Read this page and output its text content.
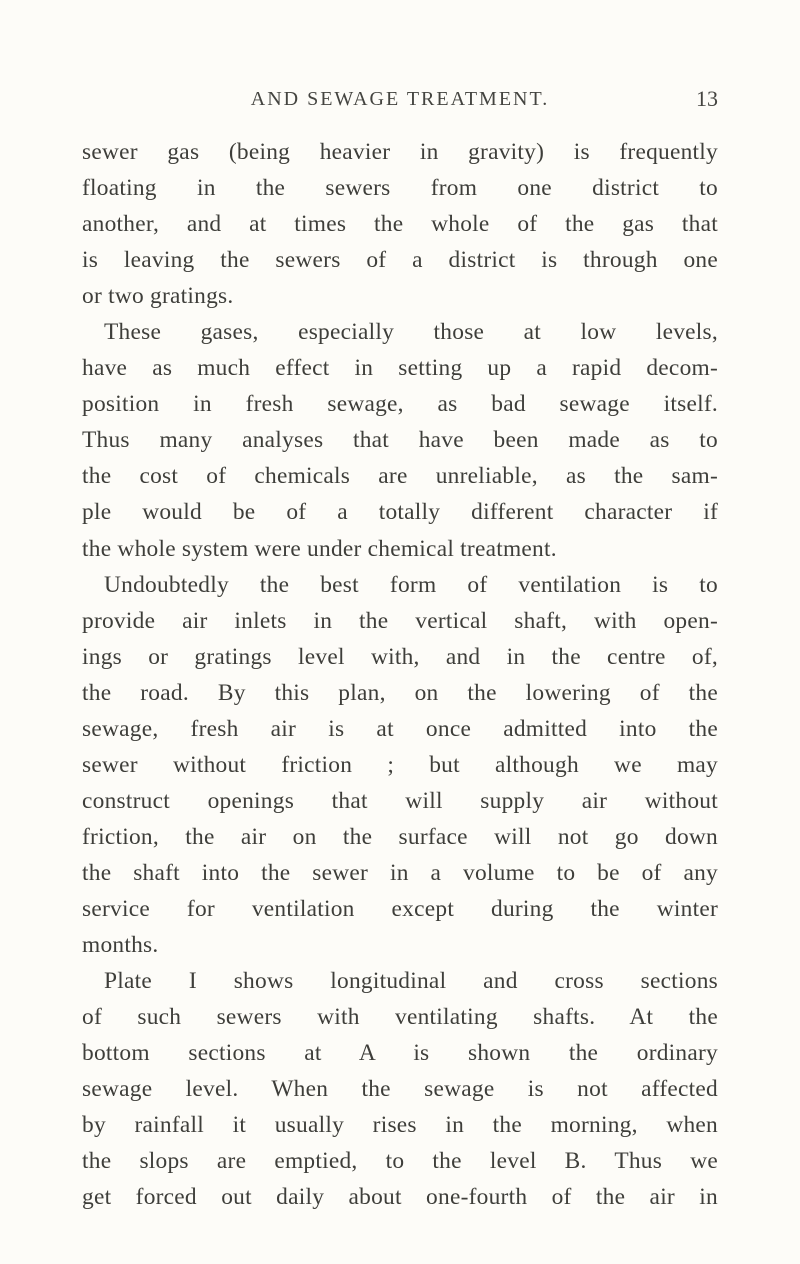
AND SEWAGE TREATMENT.	13
sewer gas (being heavier in gravity) is frequently
floating in the sewers from one district to
another, and at times the whole of the gas that
is leaving the sewers of a district is through one
or two gratings.
These gases, especially those at low levels,
have as much effect in setting up a rapid decom-
position in fresh sewage, as bad sewage itself.
Thus many analyses that have been made as to
the cost of chemicals are unreliable, as the sam-
ple would be of a totally different character if
the whole system were under chemical treatment.
Undoubtedly the best form of ventilation is to
provide air inlets in the vertical shaft, with open-
ings or gratings level with, and in the centre of,
the road. By this plan, on the lowering of the
sewage, fresh air is at once admitted into the
sewer without friction ; but although we may
construct openings that will supply air without
friction, the air on the surface will not go down
the shaft into the sewer in a volume to be of any
service for ventilation except during the winter
months.
Plate I shows longitudinal and cross sections
of such sewers with ventilating shafts. At the
bottom sections at A is shown the ordinary
sewage level. When the sewage is not affected
by rainfall it usually rises in the morning, when
the slops are emptied, to the level B. Thus we
get forced out daily about one-fourth of the air in
